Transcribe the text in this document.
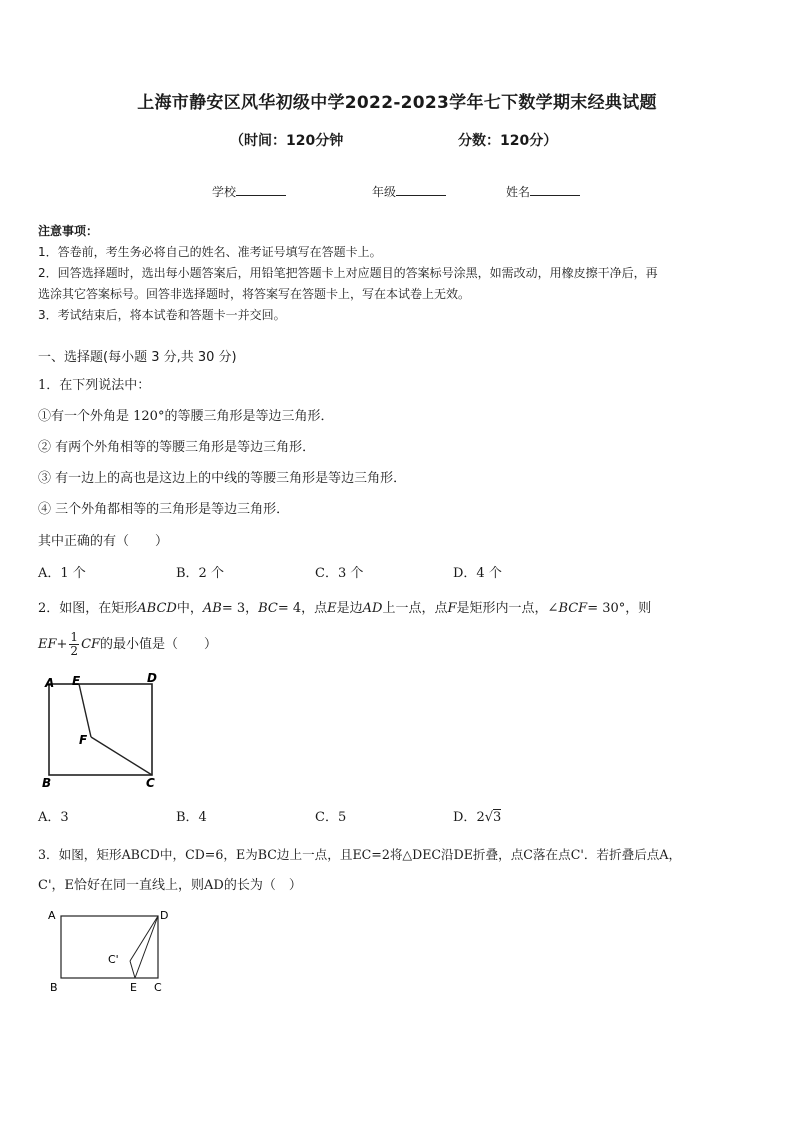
上海市静安区风华初级中学2022-2023学年七下数学期末经典试题
（时间：120分钟	分数：120分）
学校	年级	姓名
注意事项：
1．答卷前，考生务必将自己的姓名、准考证号填写在答题卡上。
2．回答选择题时，选出每小题答案后，用铅笔把答题卡上对应题目的答案标号涂黑，如需改动，用橡皮擦干净后，再
选涂其它答案标号。回答非选择题时，将答案写在答题卡上，写在本试卷上无效。
3．考试结束后，将本试卷和答题卡一并交回。
一、选择题(每小题 3 分,共 30 分)
1．在下列说法中：
①有一个外角是 120°的等腰三角形是等边三角形．
② 有两个外角相等的等腰三角形是等边三角形．
③ 有一边上的高也是这边上的中线的等腰三角形是等边三角形．
④ 三个外角都相等的三角形是等边三角形．
其中正确的有（　　）
A．1 个	B．2 个	C．3 个	D．4 个
2．如图，在矩形ABCD中，AB= 3，BC= 4，点E是边AD上一点，点F是矩形内一点，∠BCF= 30°，则
$EF+ \frac{1}{2}$ CF的最小值是（　　）
A E	D
F
B	C
A．3	B．4	C．5	D．2√3
3．如图，矩形ABCD中，CD=6，E为BC边上一点，且EC=2将△DEC沿DE折叠，点C落在点C'．若折叠后点A，
C'，E恰好在同一直线上，则AD的长为（　）
A	D
C'
B	E C
